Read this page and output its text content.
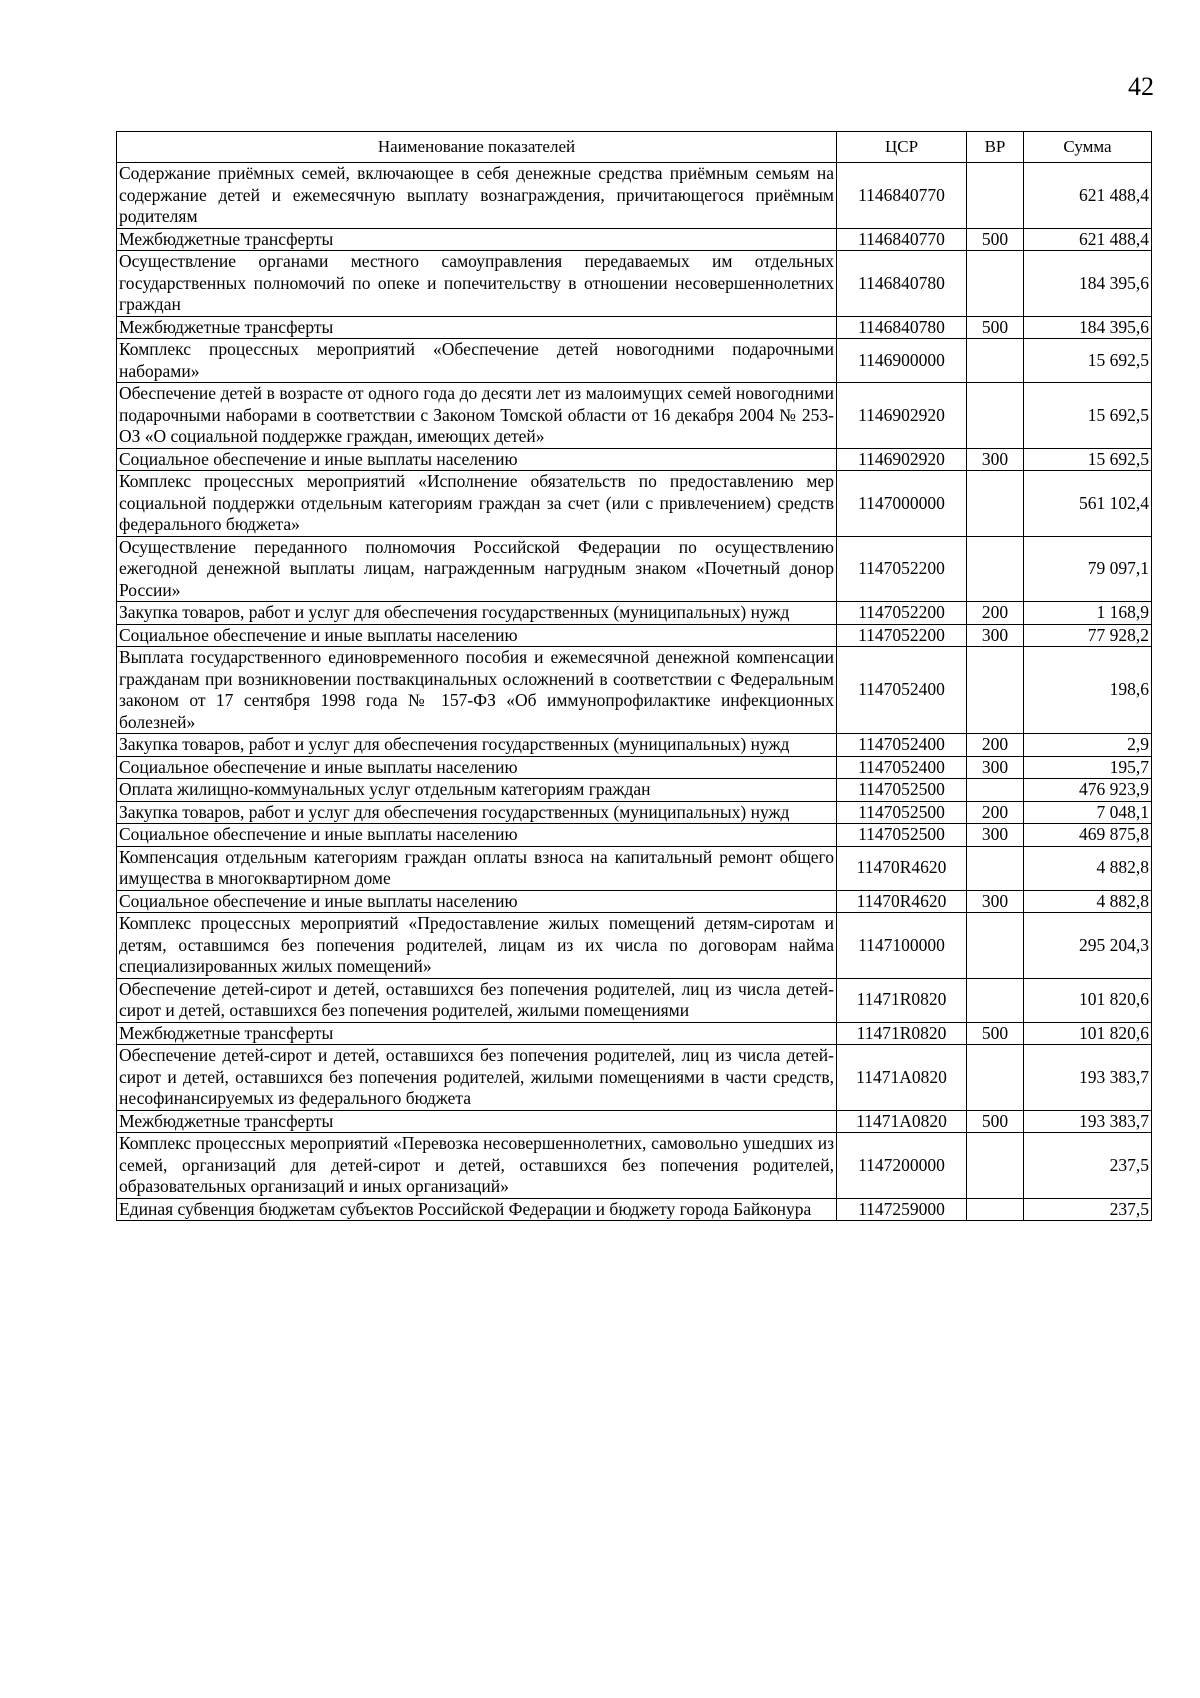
42
Наименование показателей	ЦСР	ВР	Сумма
Содержание приёмных семей, включающее в себя денежные средства приёмным семьям на содержание детей и ежемесячную выплату вознаграждения, причитающегося приёмным родителям	1146840770		621 488,4
Межбюджетные трансферты	1146840770	500	621 488,4
Осуществление органами местного самоуправления передаваемых им отдельных государственных полномочий по опеке и попечительству в отношении несовершеннолетних граждан	1146840780		184 395,6
Межбюджетные трансферты	1146840780	500	184 395,6
Комплекс процессных мероприятий «Обеспечение детей новогодними подарочными наборами»	1146900000		15 692,5
Обеспечение детей в возрасте от одного года до десяти лет из малоимущих семей новогодними подарочными наборами в соответствии с Законом Томской области от 16 декабря 2004 № 253-ОЗ «О социальной поддержке граждан, имеющих детей»	1146902920		15 692,5
Социальное обеспечение и иные выплаты населению	1146902920	300	15 692,5
Комплекс процессных мероприятий «Исполнение обязательств по предоставлению мер социальной поддержки отдельным категориям граждан за счет (или с привлечением) средств федерального бюджета»	1147000000		561 102,4
Осуществление переданного полномочия Российской Федерации по осуществлению ежегодной денежной выплаты лицам, награжденным нагрудным знаком «Почетный донор России»	1147052200		79 097,1
Закупка товаров, работ и услуг для обеспечения государственных (муниципальных) нужд	1147052200	200	1 168,9
Социальное обеспечение и иные выплаты населению	1147052200	300	77 928,2
Выплата государственного единовременного пособия и ежемесячной денежной компенсации гражданам при возникновении поствакцинальных осложнений в соответствии с Федеральным законом от 17 сентября 1998 года № 157-ФЗ «Об иммунопрофилактике инфекционных болезней»	1147052400		198,6
Закупка товаров, работ и услуг для обеспечения государственных (муниципальных) нужд	1147052400	200	2,9
Социальное обеспечение и иные выплаты населению	1147052400	300	195,7
Оплата жилищно-коммунальных услуг отдельным категориям граждан	1147052500		476 923,9
Закупка товаров, работ и услуг для обеспечения государственных (муниципальных) нужд	1147052500	200	7 048,1
Социальное обеспечение и иные выплаты населению	1147052500	300	469 875,8
Компенсация отдельным категориям граждан оплаты взноса на капитальный ремонт общего имущества в многоквартирном доме	11470R4620		4 882,8
Социальное обеспечение и иные выплаты населению	11470R4620	300	4 882,8
Комплекс процессных мероприятий «Предоставление жилых помещений детям-сиротам и детям, оставшимся без попечения родителей, лицам из их числа по договорам найма специализированных жилых помещений»	1147100000		295 204,3
Обеспечение детей-сирот и детей, оставшихся без попечения родителей, лиц из числа детей-сирот и детей, оставшихся без попечения родителей, жилыми помещениями	11471R0820		101 820,6
Межбюджетные трансферты	11471R0820	500	101 820,6
Обеспечение детей-сирот и детей, оставшихся без попечения родителей, лиц из числа детей-сирот и детей, оставшихся без попечения родителей, жилыми помещениями в части средств, несофинансируемых из федерального бюджета	11471A0820		193 383,7
Межбюджетные трансферты	11471A0820	500	193 383,7
Комплекс процессных мероприятий «Перевозка несовершеннолетних, самовольно ушедших из семей, организаций для детей-сирот и детей, оставшихся без попечения родителей, образовательных организаций и иных организаций»	1147200000		237,5
Единая субвенция бюджетам субъектов Российской Федерации и бюджету города Байконура	1147259000		237,5
